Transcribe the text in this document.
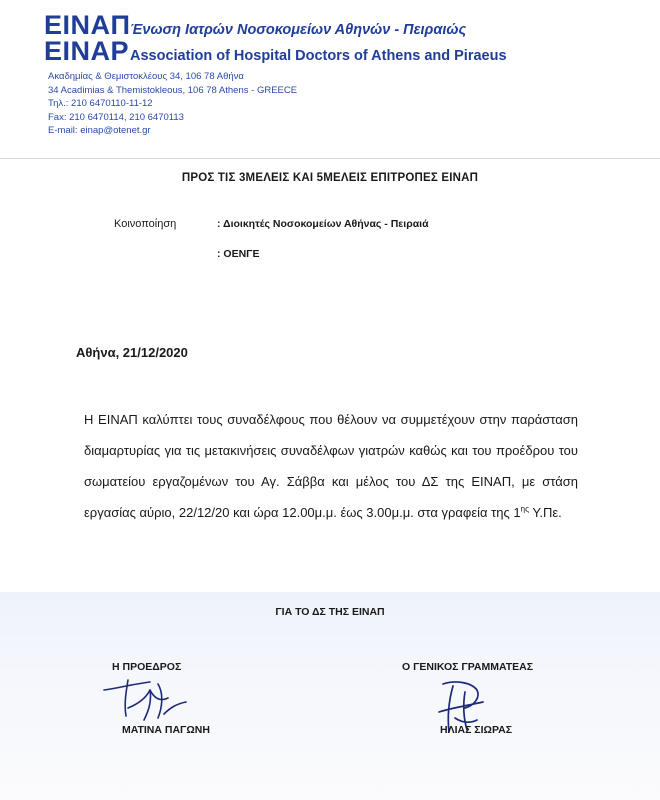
ΕΙΝΑΠ Ένωση Ιατρών Νοσοκομείων Αθηνών - Πειραιώς
EINAP Association of Hospital Doctors of Athens and Piraeus
Ακαδημίας & Θεμιστοκλέους 34, 106 78 Αθήνα
34 Acadimias & Themistokleous, 106 78 Athens - GREECE
Τηλ.: 210 6470110-11-12
Fax: 210 6470114, 210 6470113
E-mail: einap@otenet.gr
ΠΡΟΣ ΤΙΣ 3ΜΕΛΕΙΣ ΚΑΙ 5ΜΕΛΕΙΣ ΕΠΙΤΡΟΠΕΣ ΕΙΝΑΠ
Κοινοποίηση	: Διοικητές Νοσοκομείων Αθήνας - Πειραιά
: ΟΕΝΓΕ
Αθήνα, 21/12/2020

Η ΕΙΝΑΠ καλύπτει τους συναδέλφους που θέλουν να συμμετέχουν στην παράσταση διαμαρτυρίας για τις μετακινήσεις συναδέλφων γιατρών καθώς και του προέδρου του σωματείου εργαζομένων του Αγ. Σάββα και μέλος του ΔΣ της ΕΙΝΑΠ, με στάση εργασίας αύριο, 22/12/20 και ώρα 12.00μ.μ. έως 3.00μ.μ. στα γραφεία της $1^{\eta\varsigma}$ Υ.Πε.

ΓΙΑ ΤΟ ΔΣ ΤΗΣ ΕΙΝΑΠ
Η ΠΡΟΕΔΡΟΣ	Ο ΓΕΝΙΚΟΣ ΓΡΑΜΜΑΤΕΑΣ
ΜΑΤΙΝΑ ΠΑΓΩΝΗ	ΗΛΙΑΣ ΣΙΩΡΑΣ
